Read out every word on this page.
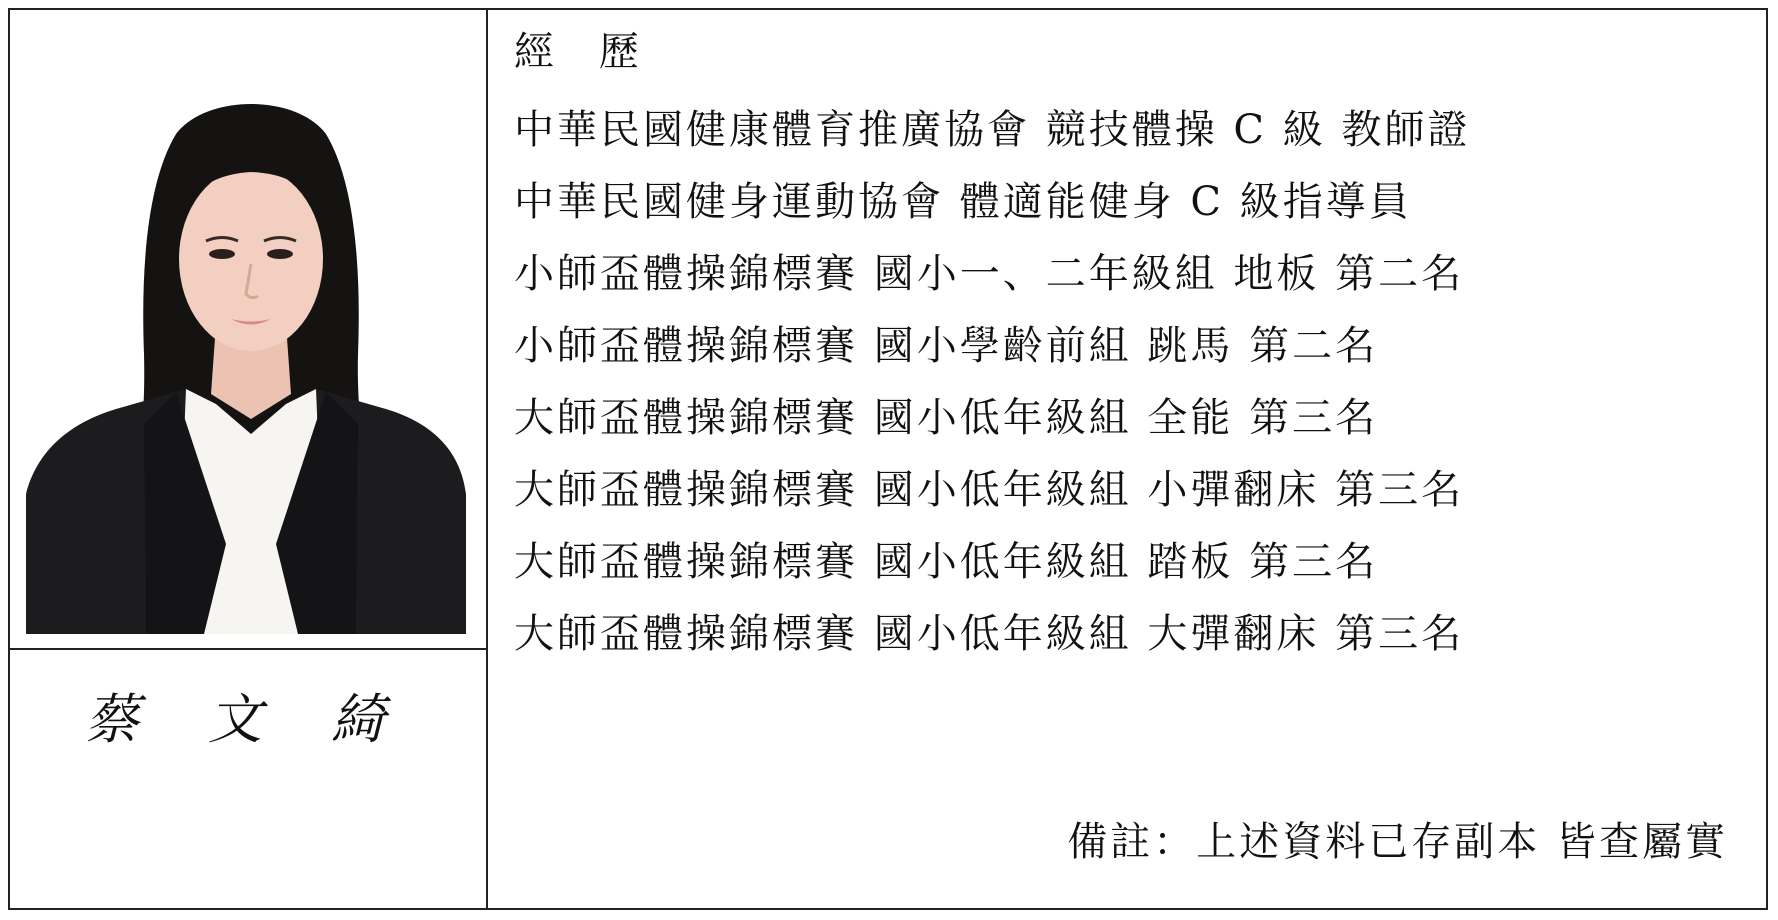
蔡 文 綺
經 歷
中華民國健康體育推廣協會 競技體操 C 級 教師證
中華民國健身運動協會 體適能健身 C 級指導員
小師盃體操錦標賽 國小一、二年級組 地板 第二名
小師盃體操錦標賽 國小學齡前組 跳馬 第二名
大師盃體操錦標賽 國小低年級組 全能 第三名
大師盃體操錦標賽 國小低年級組 小彈翻床 第三名
大師盃體操錦標賽 國小低年級組 踏板 第三名
大師盃體操錦標賽 國小低年級組 大彈翻床 第三名
備註：上述資料已存副本 皆查屬實
